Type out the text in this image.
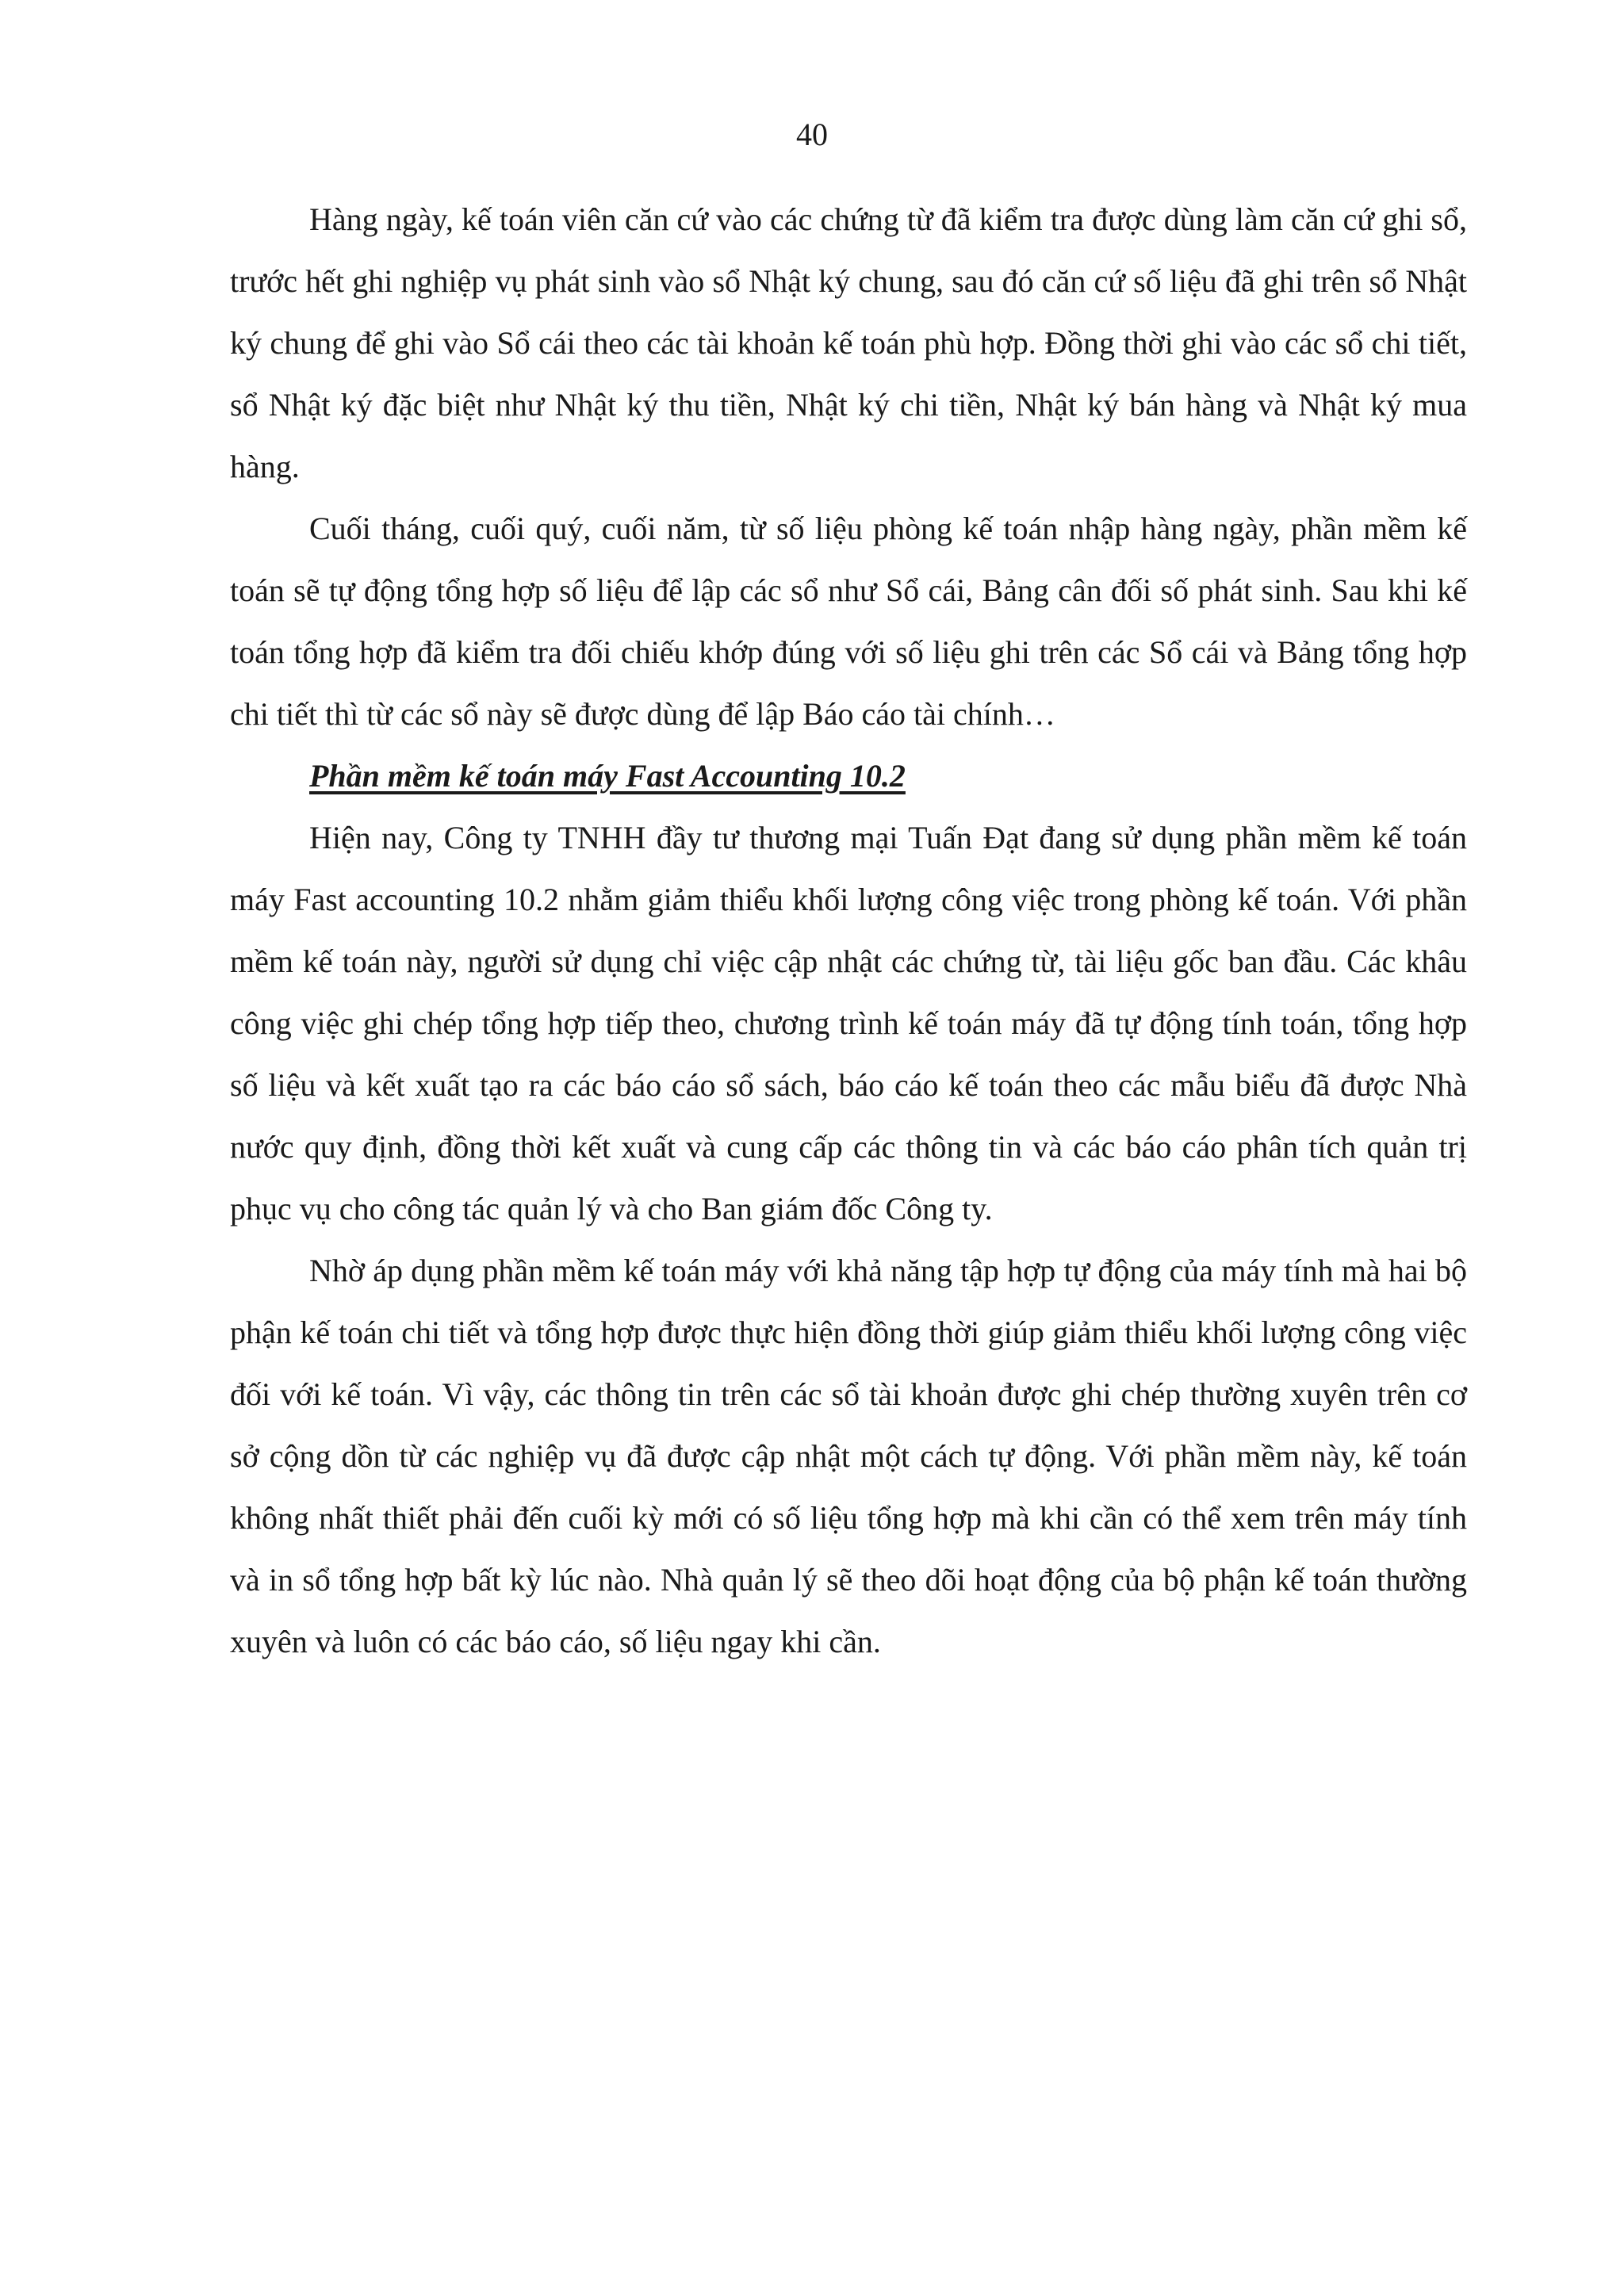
40

Hàng ngày, kế toán viên căn cứ vào các chứng từ đã kiểm tra được dùng làm căn cứ ghi sổ, trước hết ghi nghiệp vụ phát sinh vào sổ Nhật ký chung, sau đó căn cứ số liệu đã ghi trên sổ Nhật ký chung để ghi vào Sổ cái theo các tài khoản kế toán phù hợp. Đồng thời ghi vào các sổ chi tiết, sổ Nhật ký đặc biệt như Nhật ký thu tiền, Nhật ký chi tiền, Nhật ký bán hàng và Nhật ký mua hàng.

Cuối tháng, cuối quý, cuối năm, từ số liệu phòng kế toán nhập hàng ngày, phần mềm kế toán sẽ tự động tổng hợp số liệu để lập các sổ như Sổ cái, Bảng cân đối số phát sinh. Sau khi kế toán tổng hợp đã kiểm tra đối chiếu khớp đúng với số liệu ghi trên các Sổ cái và Bảng tổng hợp chi tiết thì từ các sổ này sẽ được dùng để lập Báo cáo tài chính…

Phần mềm kế toán máy Fast Accounting 10.2

Hiện nay, Công ty TNHH đầy tư thương mại Tuấn Đạt đang sử dụng phần mềm kế toán máy Fast accounting 10.2 nhằm giảm thiểu khối lượng công việc trong phòng kế toán. Với phần mềm kế toán này, người sử dụng chỉ việc cập nhật các chứng từ, tài liệu gốc ban đầu. Các khâu công việc ghi chép tổng hợp tiếp theo, chương trình kế toán máy đã tự động tính toán, tổng hợp số liệu và kết xuất tạo ra các báo cáo sổ sách, báo cáo kế toán theo các mẫu biểu đã được Nhà nước quy định, đồng thời kết xuất và cung cấp các thông tin và các báo cáo phân tích quản trị phục vụ cho công tác quản lý và cho Ban giám đốc Công ty.

Nhờ áp dụng phần mềm kế toán máy với khả năng tập hợp tự động của máy tính mà hai bộ phận kế toán chi tiết và tổng hợp được thực hiện đồng thời giúp giảm thiểu khối lượng công việc đối với kế toán. Vì vậy, các thông tin trên các sổ tài khoản được ghi chép thường xuyên trên cơ sở cộng dồn từ các nghiệp vụ đã được cập nhật một cách tự động. Với phần mềm này, kế toán không nhất thiết phải đến cuối kỳ mới có số liệu tổng hợp mà khi cần có thể xem trên máy tính và in sổ tổng hợp bất kỳ lúc nào. Nhà quản lý sẽ theo dõi hoạt động của bộ phận kế toán thường xuyên và luôn có các báo cáo, số liệu ngay khi cần.
